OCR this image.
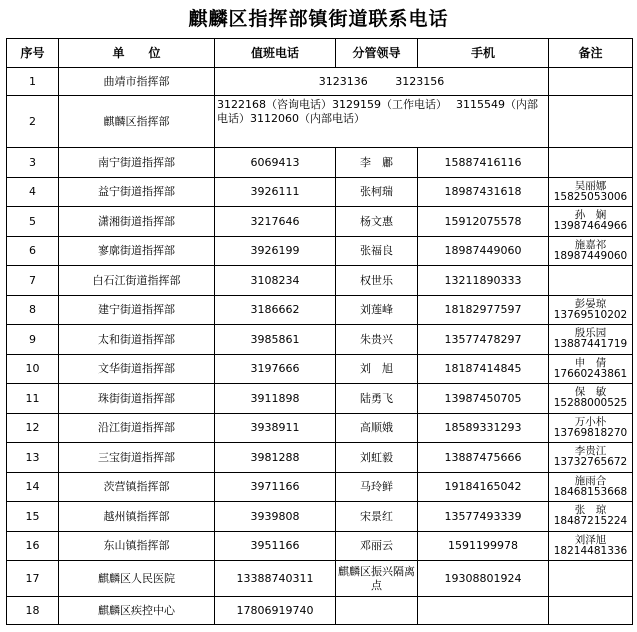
麒麟区指挥部镇街道联系电话
序号	单　　位	值班电话	分管领导	手机	备注
1	曲靖市指挥部	3123136 3123156			
2	麒麟区指挥部	3122168（咨询电话）3129159（工作电话）　 3115549（内部电话）3112060（内部电话）			
3	南宁街道指挥部	6069413	李　鄘	15887416116	

4	益宁街道指挥部	3926111	张柯瑞	18987431618	吴丽娜
15825053006

5	潇湘街道指挥部	3217646	杨文惠	15912075578	孙　娴
13987464966

6	寥廓街道指挥部	3926199	张福良	18987449060	施嘉祁
18987449060

7	白石江街道指挥部	3108234	权世乐	13211890333	

8	建宁街道指挥部	3186662	刘莲峰	18182977597	彭晏琼
13769510202

9	太和街道指挥部	3985861	朱贵兴	13577478297	殷乐园
13887441719

10	文华街道指挥部	3197666	刘　旭	18187414845	申　倩
17660243861

11	珠街街道指挥部	3911898	陆勇飞	13987450705	保　敏
15288000525

12	沿江街道指挥部	3938911	高顺娥	18589331293	万小朴
13769818270

13	三宝街道指挥部	3981288	刘虹毅	13887475666	李贵江
13732765672

14	茨营镇指挥部	3971166	马玲鲜	19184165042	施雨合
18468153668

15	越州镇指挥部	3939808	宋景红	13577493339	张　琼
18487215224

16	东山镇指挥部	3951166	邓丽云	1591199978	刘泽旭
18214481336

17	麒麟区人民医院	13388740311	麒麟区振兴隔离点	19308801924	

18	麒麟区疾控中心	17806919740			
